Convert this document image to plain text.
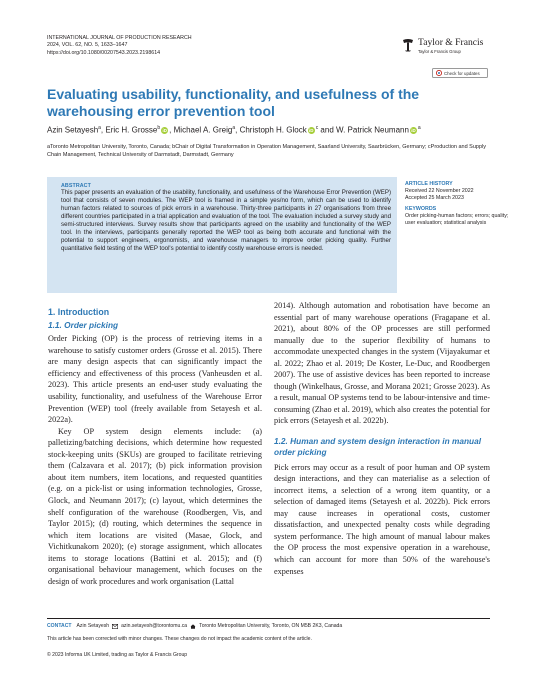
INTERNATIONAL JOURNAL OF PRODUCTION RESEARCH
2024, VOL. 62, NO. 5, 1633–1647
https://doi.org/10.1080/00207543.2023.2198614
Taylor & Francis
Taylor & Francis Group
Check for updates
Evaluating usability, functionality, and usefulness of the warehousing error prevention tool
Azin Setayesh$^a$, Eric H. Grosse$^b$ iD , Michael A. Greig$^a$, Christoph H. Glock iD $^c$ and W. Patrick Neumann iD $^a$
aToronto Metropolitan University, Toronto, Canada; bChair of Digital Transformation in Operation Management, Saarland University, Saarbrücken, Germany; cProduction and Supply Chain Management, Technical University of Darmstadt, Darmstadt, Germany
ABSTRACT
This paper presents an evaluation of the usability, functionality, and usefulness of the Warehouse Error Prevention (WEP) tool that consists of seven modules. The WEP tool is framed in a simple yes/no form, which can be used to identify human factors related to sources of pick errors in a warehouse. Thirty-three participants in 27 organisations from three different countries participated in a trial application and evaluation of the tool. The evaluation included a survey study and semi-structured interviews. Survey results show that participants agreed on the usability and functionality of the WEP tool. In the interviews, participants generally reported the WEP tool as being both accurate and functional with the potential to support engineers, ergonomists, and warehouse managers to improve order picking quality. Further quantitative field testing of the WEP tool's potential to identify costly warehouse errors is needed.

ARTICLE HISTORY

Received 22 November 2022

Accepted 25 March 2023

KEYWORDS

Order picking-human factors; errors; quality; user evaluation; statistical analysis

1. Introduction

1.1. Order picking

Order Picking (OP) is the process of retrieving items in a warehouse to satisfy customer orders (Grosse et al. 2015). There are many design aspects that can significantly impact the efficiency and effectiveness of this process (Vanheusden et al. 2023). This article presents an end-user study evaluating the usability, functionality, and usefulness of the Warehouse Error Prevention (WEP) tool (freely available from Setayesh et al. 2022a).

Key OP system design elements include: (a) palletizing/batching decisions, which determine how requested stock-keeping units (SKUs) are grouped to facilitate retrieving them (Calzavara et al. 2017); (b) pick information provision about item numbers, item locations, and requested quantities (e.g. on a pick-list or using information technologies, Grosse, Glock, and Neumann 2017); (c) layout, which determines the shelf configuration of the warehouse (Roodbergen, Vis, and Taylor 2015); (d) routing, which determines the sequence in which item locations are visited (Masae, Glock, and Vichitkunakorn 2020); (e) storage assignment, which allocates items to storage locations (Battini et al. 2015); and (f) organisational behaviour management, which focuses on the design of work procedures and work organisation (Lattal

2014). Although automation and robotisation have become an essential part of many warehouse operations (Fragapane et al. 2021), about 80% of the OP processes are still performed manually due to the superior flexibility of humans to accommodate unexpected changes in the system (Vijayakumar et al. 2022; Zhao et al. 2019; De Koster, Le-Duc, and Roodbergen 2007). The use of assistive devices has been reported to increase though (Winkelhaus, Grosse, and Morana 2021; Grosse 2023). As a result, manual OP systems tend to be labour-intensive and time-consuming (Zhao et al. 2019), which also creates the potential for pick errors (Setayesh et al. 2022b).

1.2. Human and system design interaction in manual order picking

Pick errors may occur as a result of poor human and OP system design interactions, and they can materialise as a selection of incorrect items, a selection of a wrong item quantity, or a selection of damaged items (Setayesh et al. 2022b). Pick errors may cause increases in operational costs, customer dissatisfaction, and unexpected penalty costs while degrading system performance. The high amount of manual labour makes the OP process the most expensive operation in a warehouse, which can account for more than 50% of the warehouse's expenses

CONTACT Azin Setayesh azin.setayesh@torontomu.ca Toronto Metropolitan University, Toronto, ON M5B 2K3, Canada
This article has been corrected with minor changes. These changes do not impact the academic content of the article.
© 2023 Informa UK Limited, trading as Taylor & Francis Group
